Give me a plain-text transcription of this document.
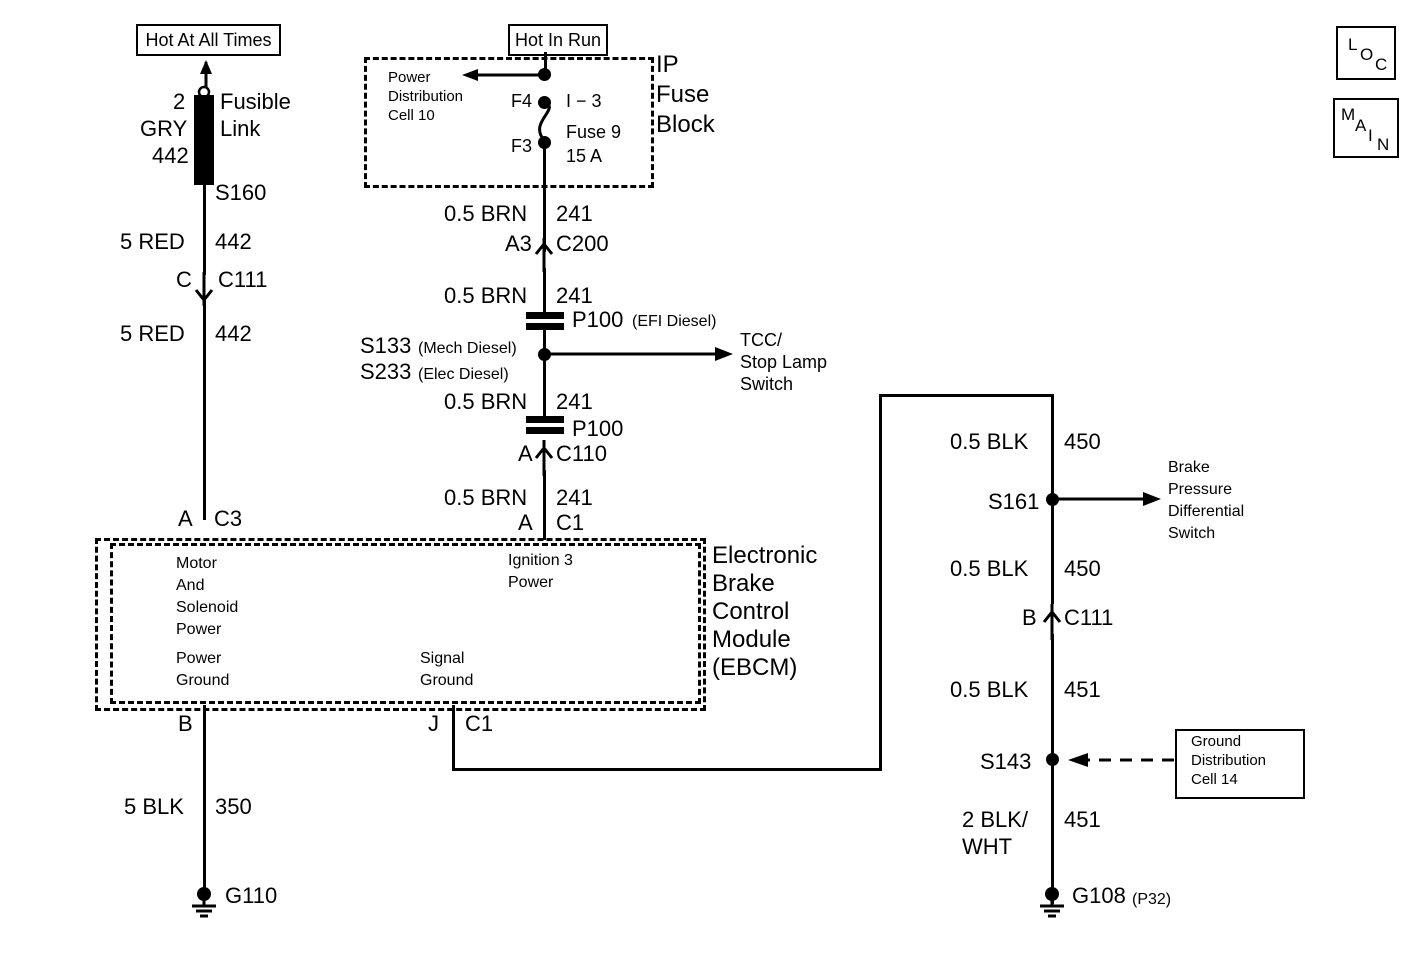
Hot At All Times
Fusible
Link
2
GRY
442
S160
5 RED 442
C C111
5 RED 442
A C3
Hot In Run
IP
Fuse
Block
Power
Distribution
Cell 10
F4
F3
I − 3
Fuse 9
15 A
0.5 BRN 241
A3 C200
0.5 BRN 241
P100 (EFI Diesel)
S133 (Mech Diesel)
S233 (Elec Diesel)
TCC/
Stop Lamp
Switch
0.5 BRN 241
P100
A C110
0.5 BRN 241
A C1
Electronic
Brake
Control
Module
(EBCM)
Motor
And
Solenoid
Power
Power
Ground
Ignition 3
Power
Signal
Ground
B
5 BLK 350
G110
J C1
0.5 BLK 450
S161
Brake
Pressure
Differential
Switch
0.5 BLK 450
B C111
0.5 BLK 451
S143
Ground
Distribution
Cell 14
2 BLK/
WHT
451
G108 (P32)
L
O
C
M
A
I N
